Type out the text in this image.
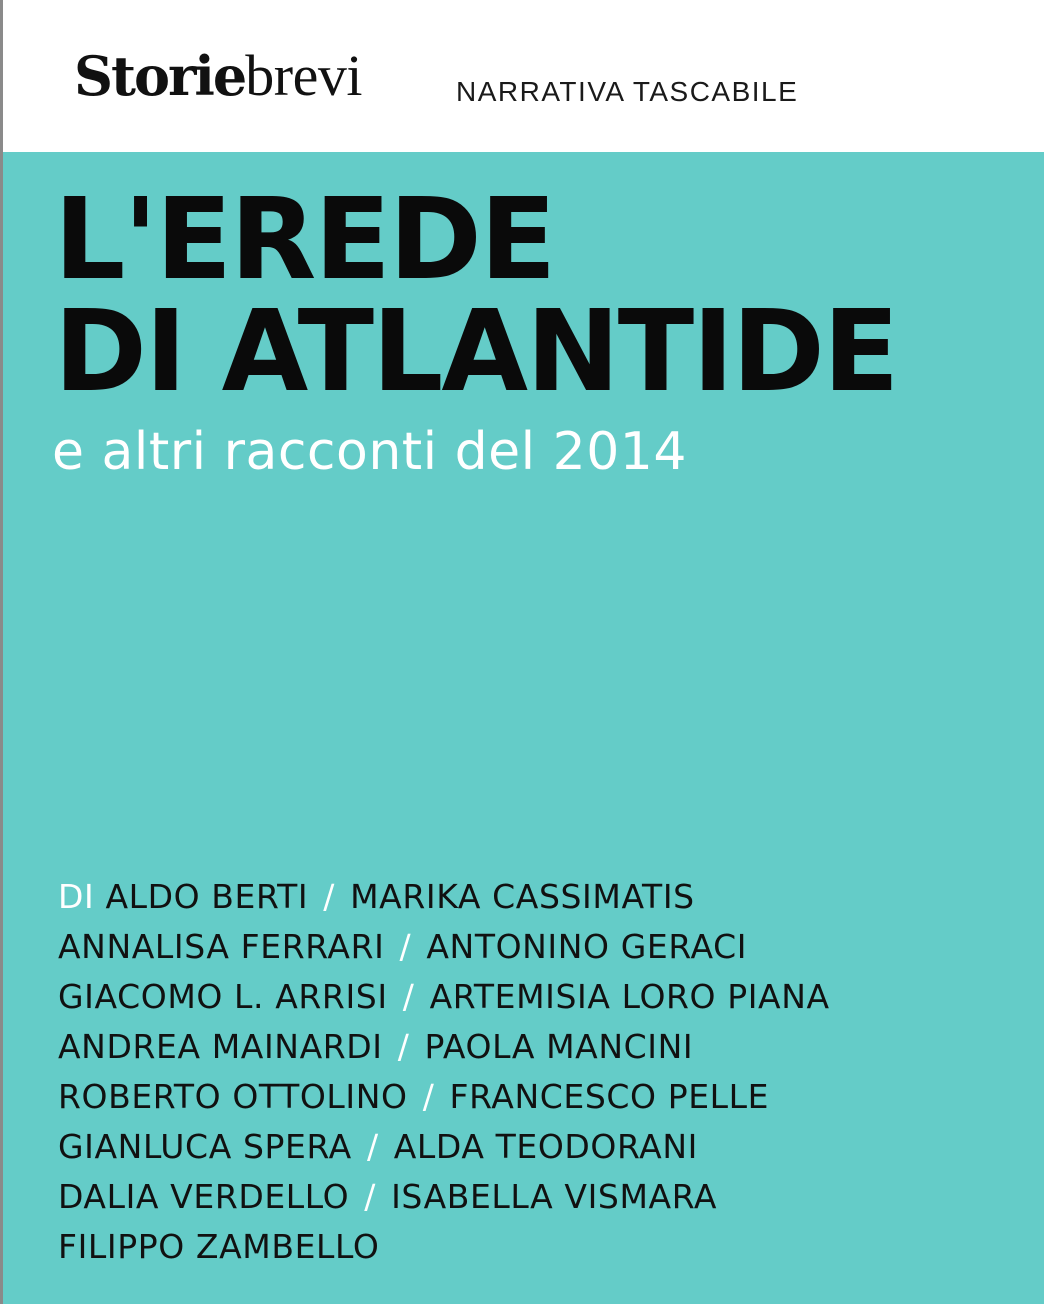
Storie brevi	NARRATIVA TASCABILE
L'EREDE
DI ATLANTIDE
e altri racconti del 2014
DI ALDO BERTI / MARIKA CASSIMATIS
ANNALISA FERRARI / ANTONINO GERACI
GIACOMO L. ARRISI / ARTEMISIA LORO PIANA
ANDREA MAINARDI / PAOLA MANCINI
ROBERTO OTTOLINO / FRANCESCO PELLE
GIANLUCA SPERA / ALDA TEODORANI
DALIA VERDELLO / ISABELLA VISMARA
FILIPPO ZAMBELLO
